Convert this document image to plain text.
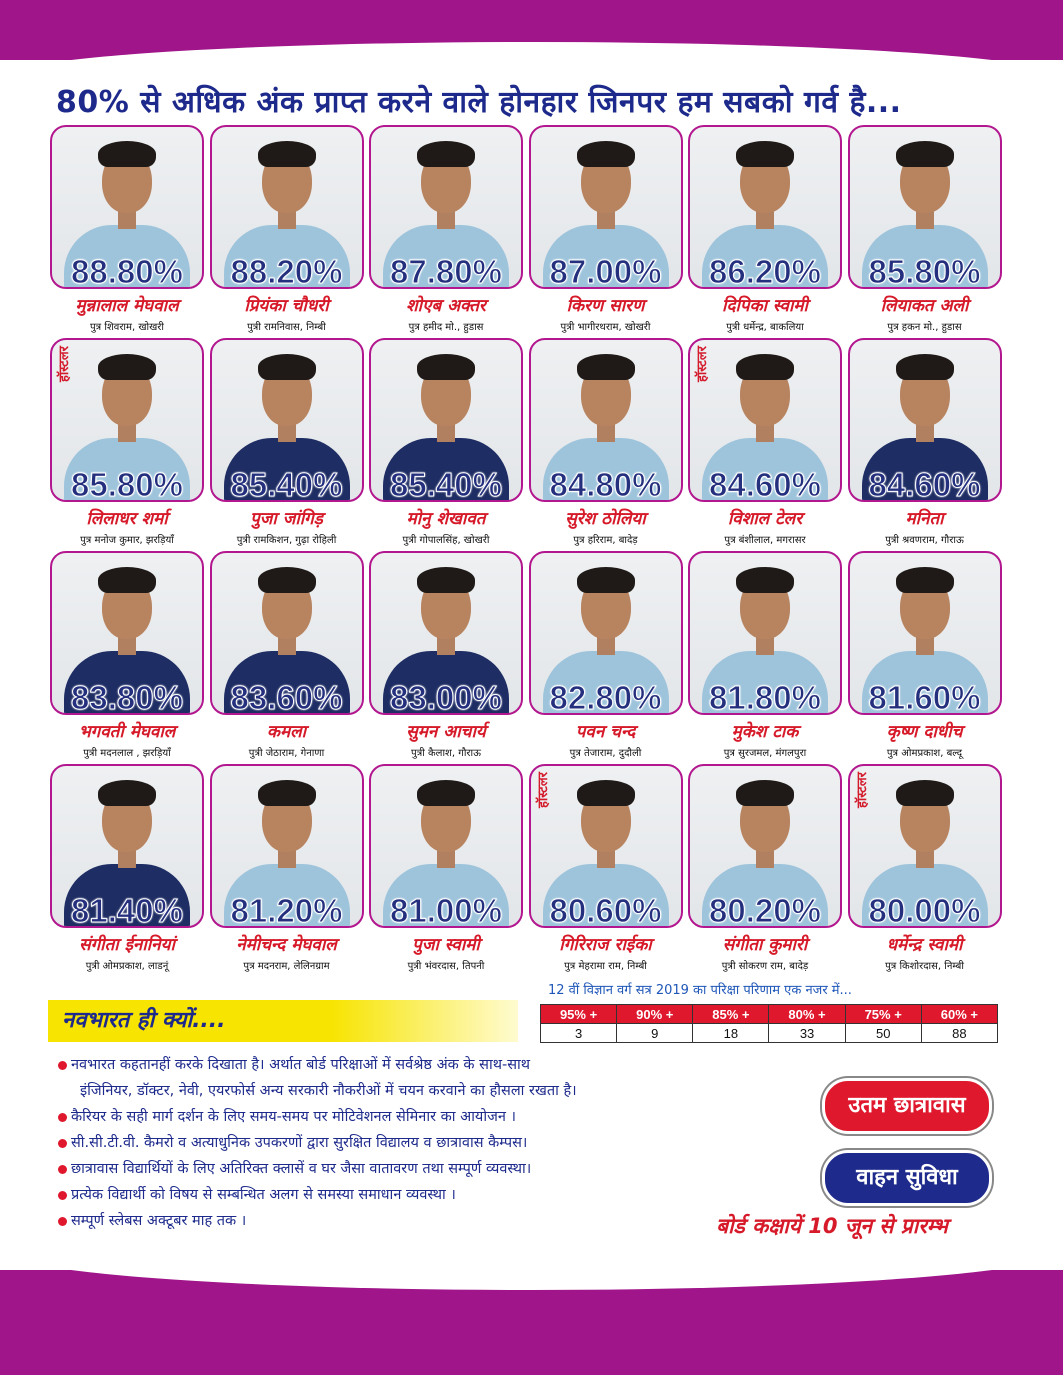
80% से अधिक अंक प्राप्त करने वाले होनहार जिनपर हम सबको गर्व है...
88.80%
मुन्नालाल मेघवाल
पुत्र शिवराम, खोखरी
88.20%
प्रियंका चौधरी
पुत्री रामनिवास, निम्बी
87.80%
शोएब अक्तर
पुत्र हमीद मो., हुडास
87.00%
किरण सारण
पुत्री भागीरथराम, खोखरी
86.20%
दिपिका स्वामी
पुत्री धर्मेन्द्र, बाकलिया
85.80%
लियाकत अली
पुत्र हकन मो., हुडास
हॉस्टलर
85.80%
लिलाधर शर्मा
पुत्र मनोज कुमार, झरड़ियाँ
85.40%
पुजा जांगिड़
पुत्री रामकिशन, गुढ़ा रोहिली
85.40%
मोनु शेखावत
पुत्री गोपालसिंह, खोखरी
84.80%
सुरेश ठोलिया
पुत्र हरिराम, बादेड़
हॉस्टलर
84.60%
विशाल टेलर
पुत्र बंशीलाल, मगरासर
84.60%
मनिता
पुत्री श्रवणराम, गौराऊ
83.80%
भगवती मेघवाल
पुत्री मदनलाल , झरड़ियाँ
83.60%
कमला
पुत्री जेठाराम, गेनाणा
83.00%
सुमन आचार्य
पुत्री कैलाश, गौराऊ
82.80%
पवन चन्द
पुत्र तेजाराम, दुदौली
81.80%
मुकेश टाक
पुत्र सुरजमल, मंगलपुरा
81.60%
कृष्ण दाधीच
पुत्र ओमप्रकाश, बल्दू
81.40%
संगीता ईनानियां
पुत्री ओमप्रकाश, लाडनूं
81.20%
नेमीचन्द मेघवाल
पुत्र मदनराम, लेलिनग्राम
81.00%
पुजा स्वामी
पुत्री भंवरदास, तिपनी
हॉस्टलर
80.60%
गिरिराज राईका
पुत्र मेहरामा राम, निम्बी
80.20%
संगीता कुमारी
पुत्री सोकरण राम, बादेड़
हॉस्टलर
80.00%
धर्मेन्द्र स्वामी
पुत्र किशोरदास, निम्बी
12 वीं विज्ञान वर्ग सत्र 2019 का परिक्षा परिणाम एक नजर में...
95% +	90% +	85% +	80% +	75% +	60% +
3	9	18	33	50	88
नवभारत ही क्यों....
नवभारत कहतानहीं करके दिखाता है। अर्थात बोर्ड परिक्षाओं में सर्वश्रेष्ठ अंक के साथ-साथ
इंजिनियर, डॉक्टर, नेवी, एयरफोर्स अन्य सरकारी नौकरीओं में चयन करवाने का हौसला रखता है।
कैरियर के सही मार्ग दर्शन के लिए समय-समय पर मोटिवेशनल सेमिनार का आयोजन ।
सी.सी.टी.वी. कैमरो व अत्याधुनिक उपकरणों द्वारा सुरक्षित विद्यालय व छात्रावास कैम्पस।
छात्रावास विद्यार्थियों के लिए अतिरिक्त क्लासें व घर जैसा वातावरण तथा सम्पूर्ण व्यवस्था।
प्रत्येक विद्यार्थी को विषय से सम्बन्धित अलग से समस्या समाधान व्यवस्था ।
सम्पूर्ण स्लेबस अक्टूबर माह तक ।
उतम छात्रावास
वाहन सुविधा
बोर्ड कक्षायें 10 जून से प्रारम्भ
